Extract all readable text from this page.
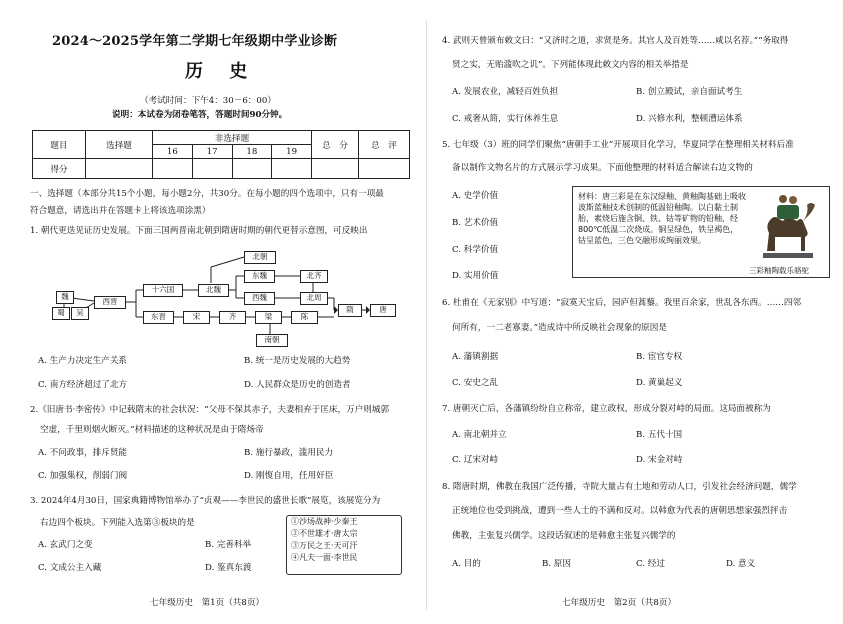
2024～2025学年第二学期七年级期中学业诊断
历 史
（考试时间：下午4：30－6：00）
说明：本试卷为闭卷笔答，答题时间90分钟。
题目	选择题	非选择题				总　分	总　评
		16	17	18	19		
得分							
一、选择题（本部分共15个小题，每小题2分，共30分。在每小题的四个选项中，只有一项最
符合题意，请选出并在答题卡上将该选项涂黑）
1. 朝代更迭见证历史发展。下面三国两晋南北朝到隋唐时期的朝代更替示意图，可反映出
魏
蜀	吴
西晋
十六国
东晋
北朝
北魏
东魏	北齐
西魏	北周
宋	齐	梁	陈
南朝
隋	唐
A. 生产力决定生产关系	B. 统一是历史发展的大趋势
C. 南方经济超过了北方	D. 人民群众是历史的创造者
2.《旧唐书·李密传》中记载隋末的社会状况：“父母不保其赤子，夫妻相弃于匡床，万户则城郭
空虚，千里则烟火断灭。”材料描述的这种状况是由于隋炀帝
A. 不问政事，排斥贤能	B. 施行暴政，滥用民力
C. 加强集权，削弱门阀	D. 刚愎自用，任用奸臣
3. 2024年4月30日，国家典籍博物馆举办了“贞观——李世民的盛世长歌”展览，该展览分为
右边四个板块。下列能入选第③板块的是	①沙场战神·少秦王
②不世雄才·唐太宗
③万民之王·天可汗
④凡夫一面·李世民
A. 玄武门之变	B. 完善科举
C. 文成公主入藏	D. 鉴真东渡
七年级历史　第1页（共8页）
4. 武则天曾颁布敕文曰：“又济时之道，求贤是务。其官人及百姓等……咸以名荐。”“务取得
贤之实，无贻滥吹之讥”。下列能体现此敕文内容的相关举措是
A. 发展农业，减轻百姓负担	B. 创立殿试，亲自面试考生
C. 戒奢从简，实行休养生息	D. 兴修水利，整顿漕运体系
5. 七年级（3）班的同学们聚焦“唐朝手工业”开展项目化学习，华夏同学在整理相关材料后准
备以制作文物名片的方式展示学习成果。下面他整理的材料适合解读右边文物的
A. 史学价值
B. 艺术价值
C. 科学价值
D. 实用价值
材料：唐三彩是在东汉绿釉、黄釉陶基础上吸收波斯蓝釉技术创制的低温铅釉陶。以白黏土制胎，素烧后施含铜、铁、钴等矿物的铅釉，经800℃低温二次烧成。铜呈绿色，铁呈褐色，钴呈蓝色，三色交融形成绚丽效果。
三彩釉陶载乐骆驼
6. 杜甫在《无家别》中写道：“寂寞天宝后，园庐但蒿藜。我里百余家，世乱各东西。……四邻
何所有，一二老寡妻。”造成诗中所反映社会现象的原因是
A. 藩镇割据	B. 宦官专权
C. 安史之乱	D. 黄巢起义
7. 唐朝灭亡后，各藩镇纷纷自立称帝，建立政权，形成分裂对峙的局面。这局面被称为
A. 南北朝并立	B. 五代十国
C. 辽宋对峙	D. 宋金对峙
8. 隋唐时期，佛教在我国广泛传播，寺院大量占有土地和劳动人口，引发社会经济问题，儒学
正统地位也受到挑战，遭到一些人士的不满和反对。以韩愈为代表的唐朝思想家强烈抨击
佛教，主张复兴儒学。这段话叙述的是韩愈主张复兴儒学的
A. 目的	B. 原因	C. 经过	D. 意义
七年级历史　第2页（共8页）
